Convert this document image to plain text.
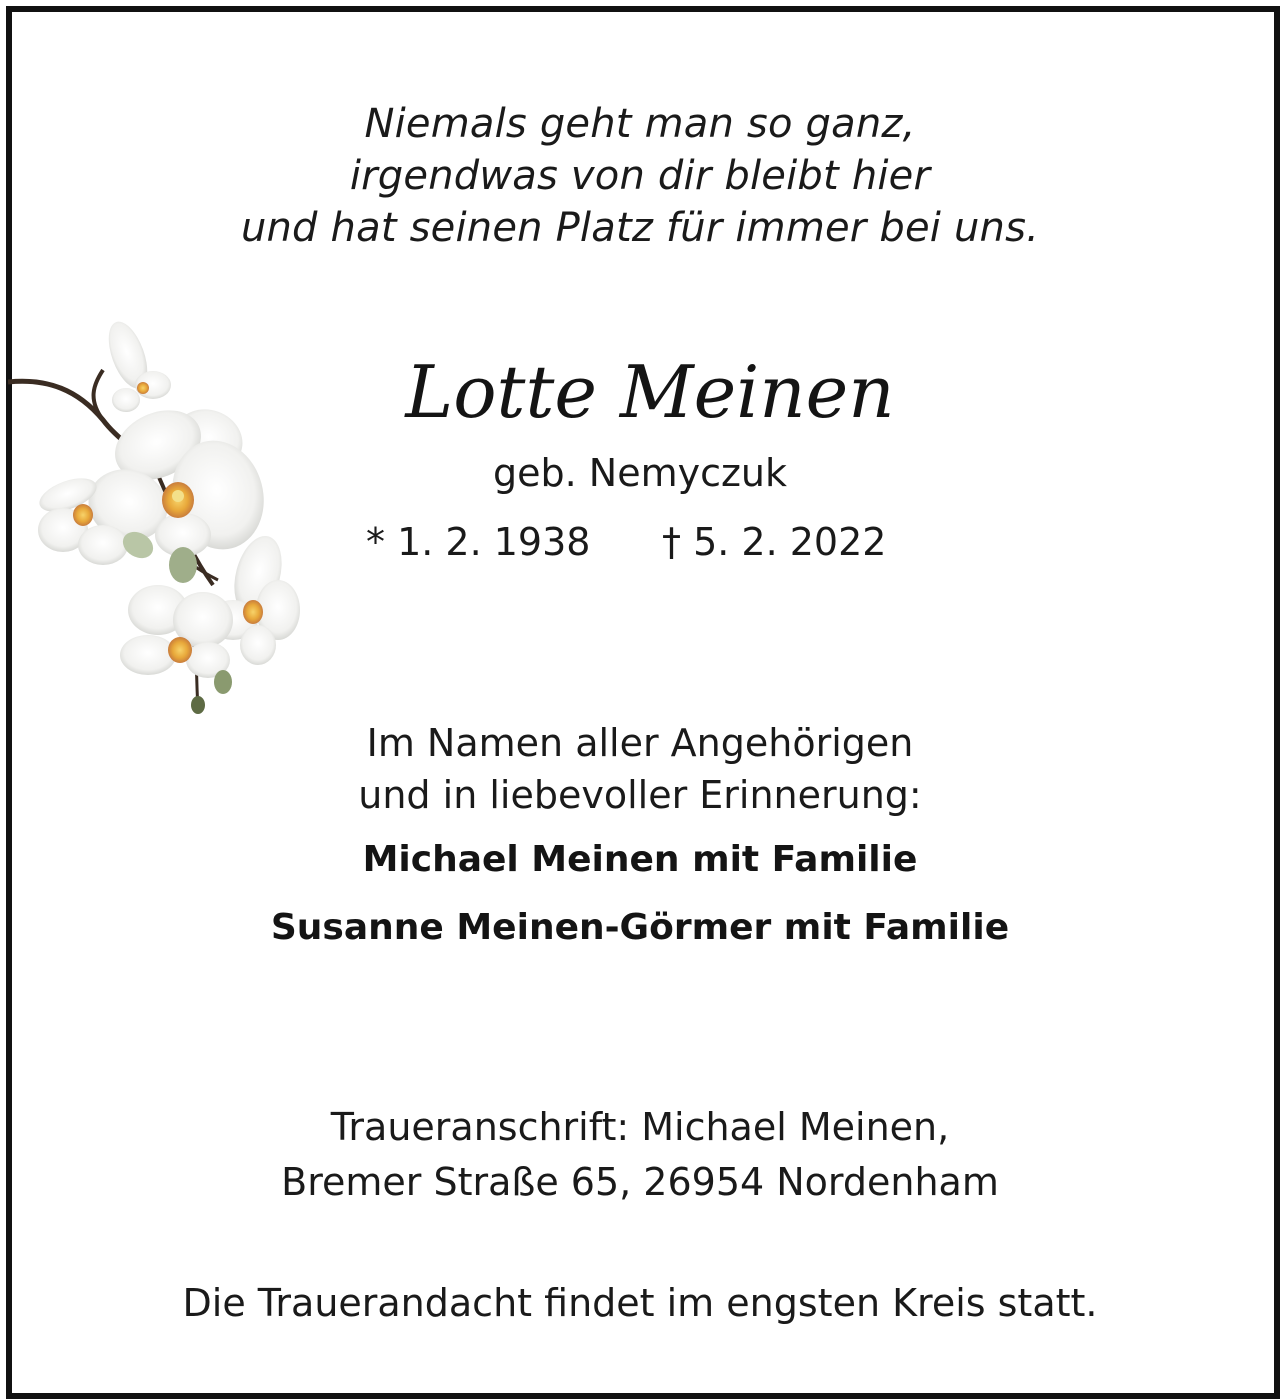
Niemals geht man so ganz,
irgendwas von dir bleibt hier
und hat seinen Platz für immer bei uns.
Lotte Meinen
geb. Nemyczuk
* 1. 2. 1938 † 5. 2. 2022
Im Namen aller Angehörigen
und in liebevoller Erinnerung:
Michael Meinen mit Familie
Susanne Meinen-Görmer mit Familie
Traueranschrift: Michael Meinen,
Bremer Straße 65, 26954 Nordenham
Die Trauerandacht findet im engsten Kreis statt.
